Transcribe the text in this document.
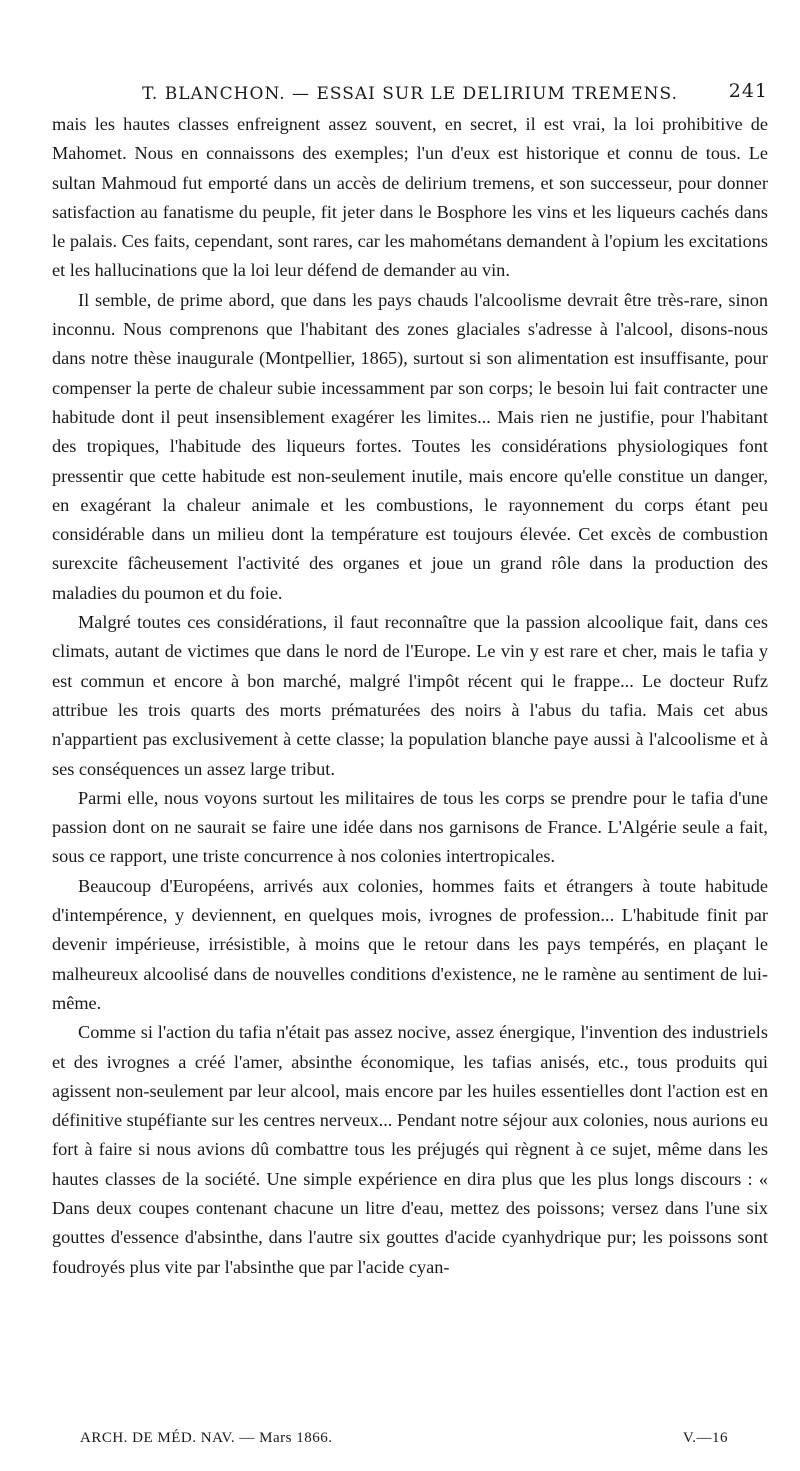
T. BLANCHON. — ESSAI SUR LE DELIRIUM TREMENS.	241

mais les hautes classes enfreignent assez souvent, en secret, il est vrai, la loi prohibitive de Mahomet. Nous en connaissons des exemples; l'un d'eux est historique et connu de tous. Le sultan Mahmoud fut emporté dans un accès de delirium tremens, et son successeur, pour donner satisfaction au fanatisme du peuple, fit jeter dans le Bosphore les vins et les liqueurs cachés dans le palais. Ces faits, cependant, sont rares, car les mahométans demandent à l'opium les excitations et les hallucinations que la loi leur défend de demander au vin.

Il semble, de prime abord, que dans les pays chauds l'alcoolisme devrait être très-rare, sinon inconnu. Nous comprenons que l'habitant des zones glaciales s'adresse à l'alcool, disons-nous dans notre thèse inaugurale (Montpellier, 1865), surtout si son alimentation est insuffisante, pour compenser la perte de chaleur subie incessamment par son corps; le besoin lui fait contracter une habitude dont il peut insensiblement exagérer les limites... Mais rien ne justifie, pour l'habitant des tropiques, l'habitude des liqueurs fortes. Toutes les considérations physiologiques font pressentir que cette habitude est non-seulement inutile, mais encore qu'elle constitue un danger, en exagérant la chaleur animale et les combustions, le rayonnement du corps étant peu considérable dans un milieu dont la température est toujours élevée. Cet excès de combustion surexcite fâcheusement l'activité des organes et joue un grand rôle dans la production des maladies du poumon et du foie.

Malgré toutes ces considérations, il faut reconnaître que la passion alcoolique fait, dans ces climats, autant de victimes que dans le nord de l'Europe. Le vin y est rare et cher, mais le tafia y est commun et encore à bon marché, malgré l'impôt récent qui le frappe... Le docteur Rufz attribue les trois quarts des morts prématurées des noirs à l'abus du tafia. Mais cet abus n'appartient pas exclusivement à cette classe; la population blanche paye aussi à l'alcoolisme et à ses conséquences un assez large tribut.

Parmi elle, nous voyons surtout les militaires de tous les corps se prendre pour le tafia d'une passion dont on ne saurait se faire une idée dans nos garnisons de France. L'Algérie seule a fait, sous ce rapport, une triste concurrence à nos colonies intertropicales.

Beaucoup d'Européens, arrivés aux colonies, hommes faits et étrangers à toute habitude d'intempérence, y deviennent, en quelques mois, ivrognes de profession... L'habitude finit par devenir impérieuse, irrésistible, à moins que le retour dans les pays tempérés, en plaçant le malheureux alcoolisé dans de nouvelles conditions d'existence, ne le ramène au sentiment de lui-même.

Comme si l'action du tafia n'était pas assez nocive, assez énergique, l'invention des industriels et des ivrognes a créé l'amer, absinthe économique, les tafias anisés, etc., tous produits qui agissent non-seulement par leur alcool, mais encore par les huiles essentielles dont l'action est en définitive stupéfiante sur les centres nerveux... Pendant notre séjour aux colonies, nous aurions eu fort à faire si nous avions dû combattre tous les préjugés qui règnent à ce sujet, même dans les hautes classes de la société. Une simple expérience en dira plus que les plus longs discours : « Dans deux coupes contenant chacune un litre d'eau, mettez des poissons; versez dans l'une six gouttes d'essence d'absinthe, dans l'autre six gouttes d'acide cyanhydrique pur; les poissons sont foudroyés plus vite par l'absinthe que par l'acide cyan-

ARCH. DE MÉD. NAV. — Mars 1866.	V.—16
